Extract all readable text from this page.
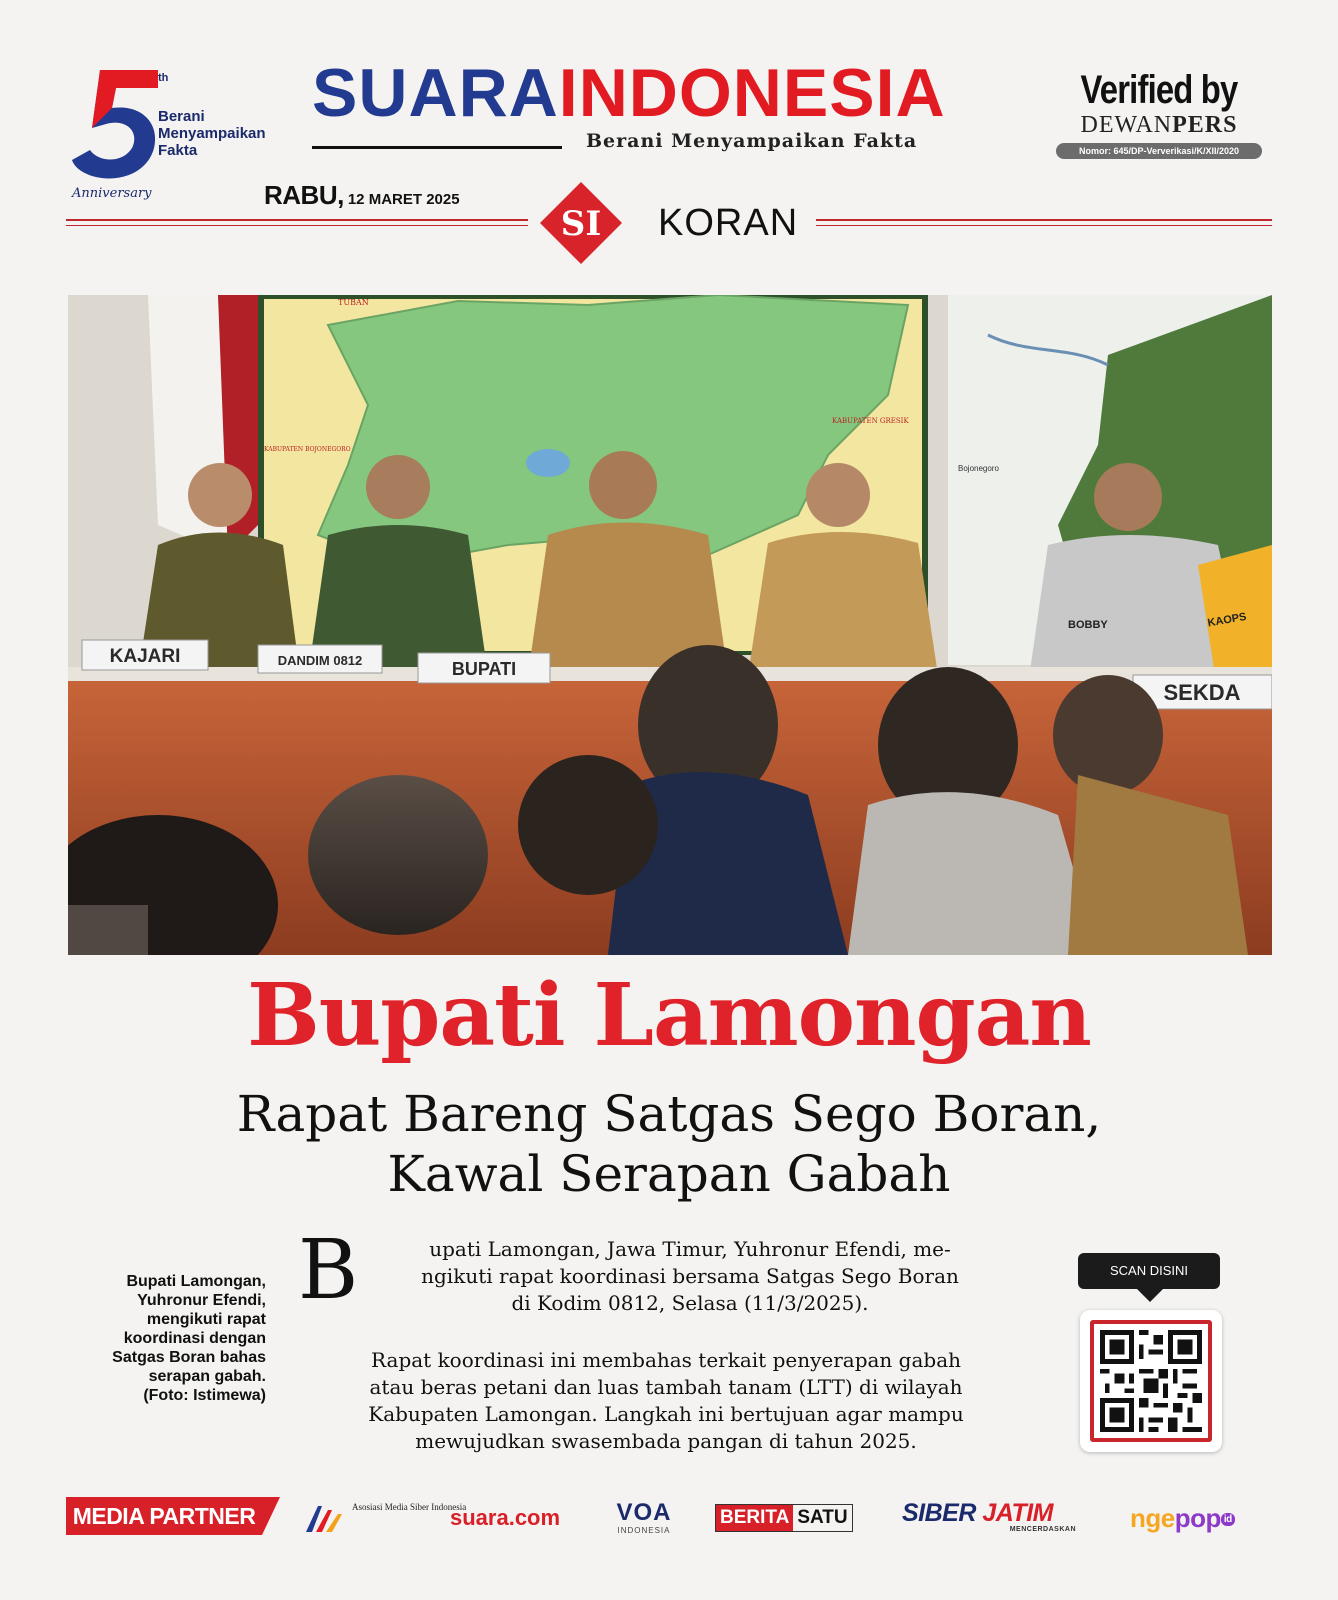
th
Berani Menyampaikan Fakta
Anniversary
SUARAINDONESIA
Berani Menyampaikan Fakta
Verified by
DEWANPERS
Nomor: 645/DP-Ververikasi/K/XII/2020
RABU, 12 MARET 2025
SI KORAN
TUBAN
KABUPATEN BOJONEGORO
KABUPATEN GRESIK
Bojonegoro
BOBBY	KAOPS
KAJARI	DANDIM 0812	BUPATI
SEKDA
Bupati Lamongan
Rapat Bareng Satgas Sego Boran,
Kawal Serapan Gabah
Bupati Lamongan,
Yuhronur Efendi,
mengikuti rapat
koordinasi dengan
Satgas Boran bahas
serapan gabah.
(Foto: Istimewa)
B	upati Lamongan, Jawa Timur, Yuhronur Efendi, me-
ngikuti rapat koordinasi bersama Satgas Sego Boran
di Kodim 0812, Selasa (11/3/2025).
Rapat koordinasi ini membahas terkait penyerapan gabah
atau beras petani dan luas tambah tanam (LTT) di wilayah
Kabupaten Lamongan. Langkah ini bertujuan agar mampu
mewujudkan swasembada pangan di tahun 2025.
SCAN DISINI
MEDIA PARTNER	Asosiasi Media Siber Indonesia
suara.com VOA
INDONESIA
BERITA SATU SIBER JATIM
MENCERDASKAN	ngepop id
